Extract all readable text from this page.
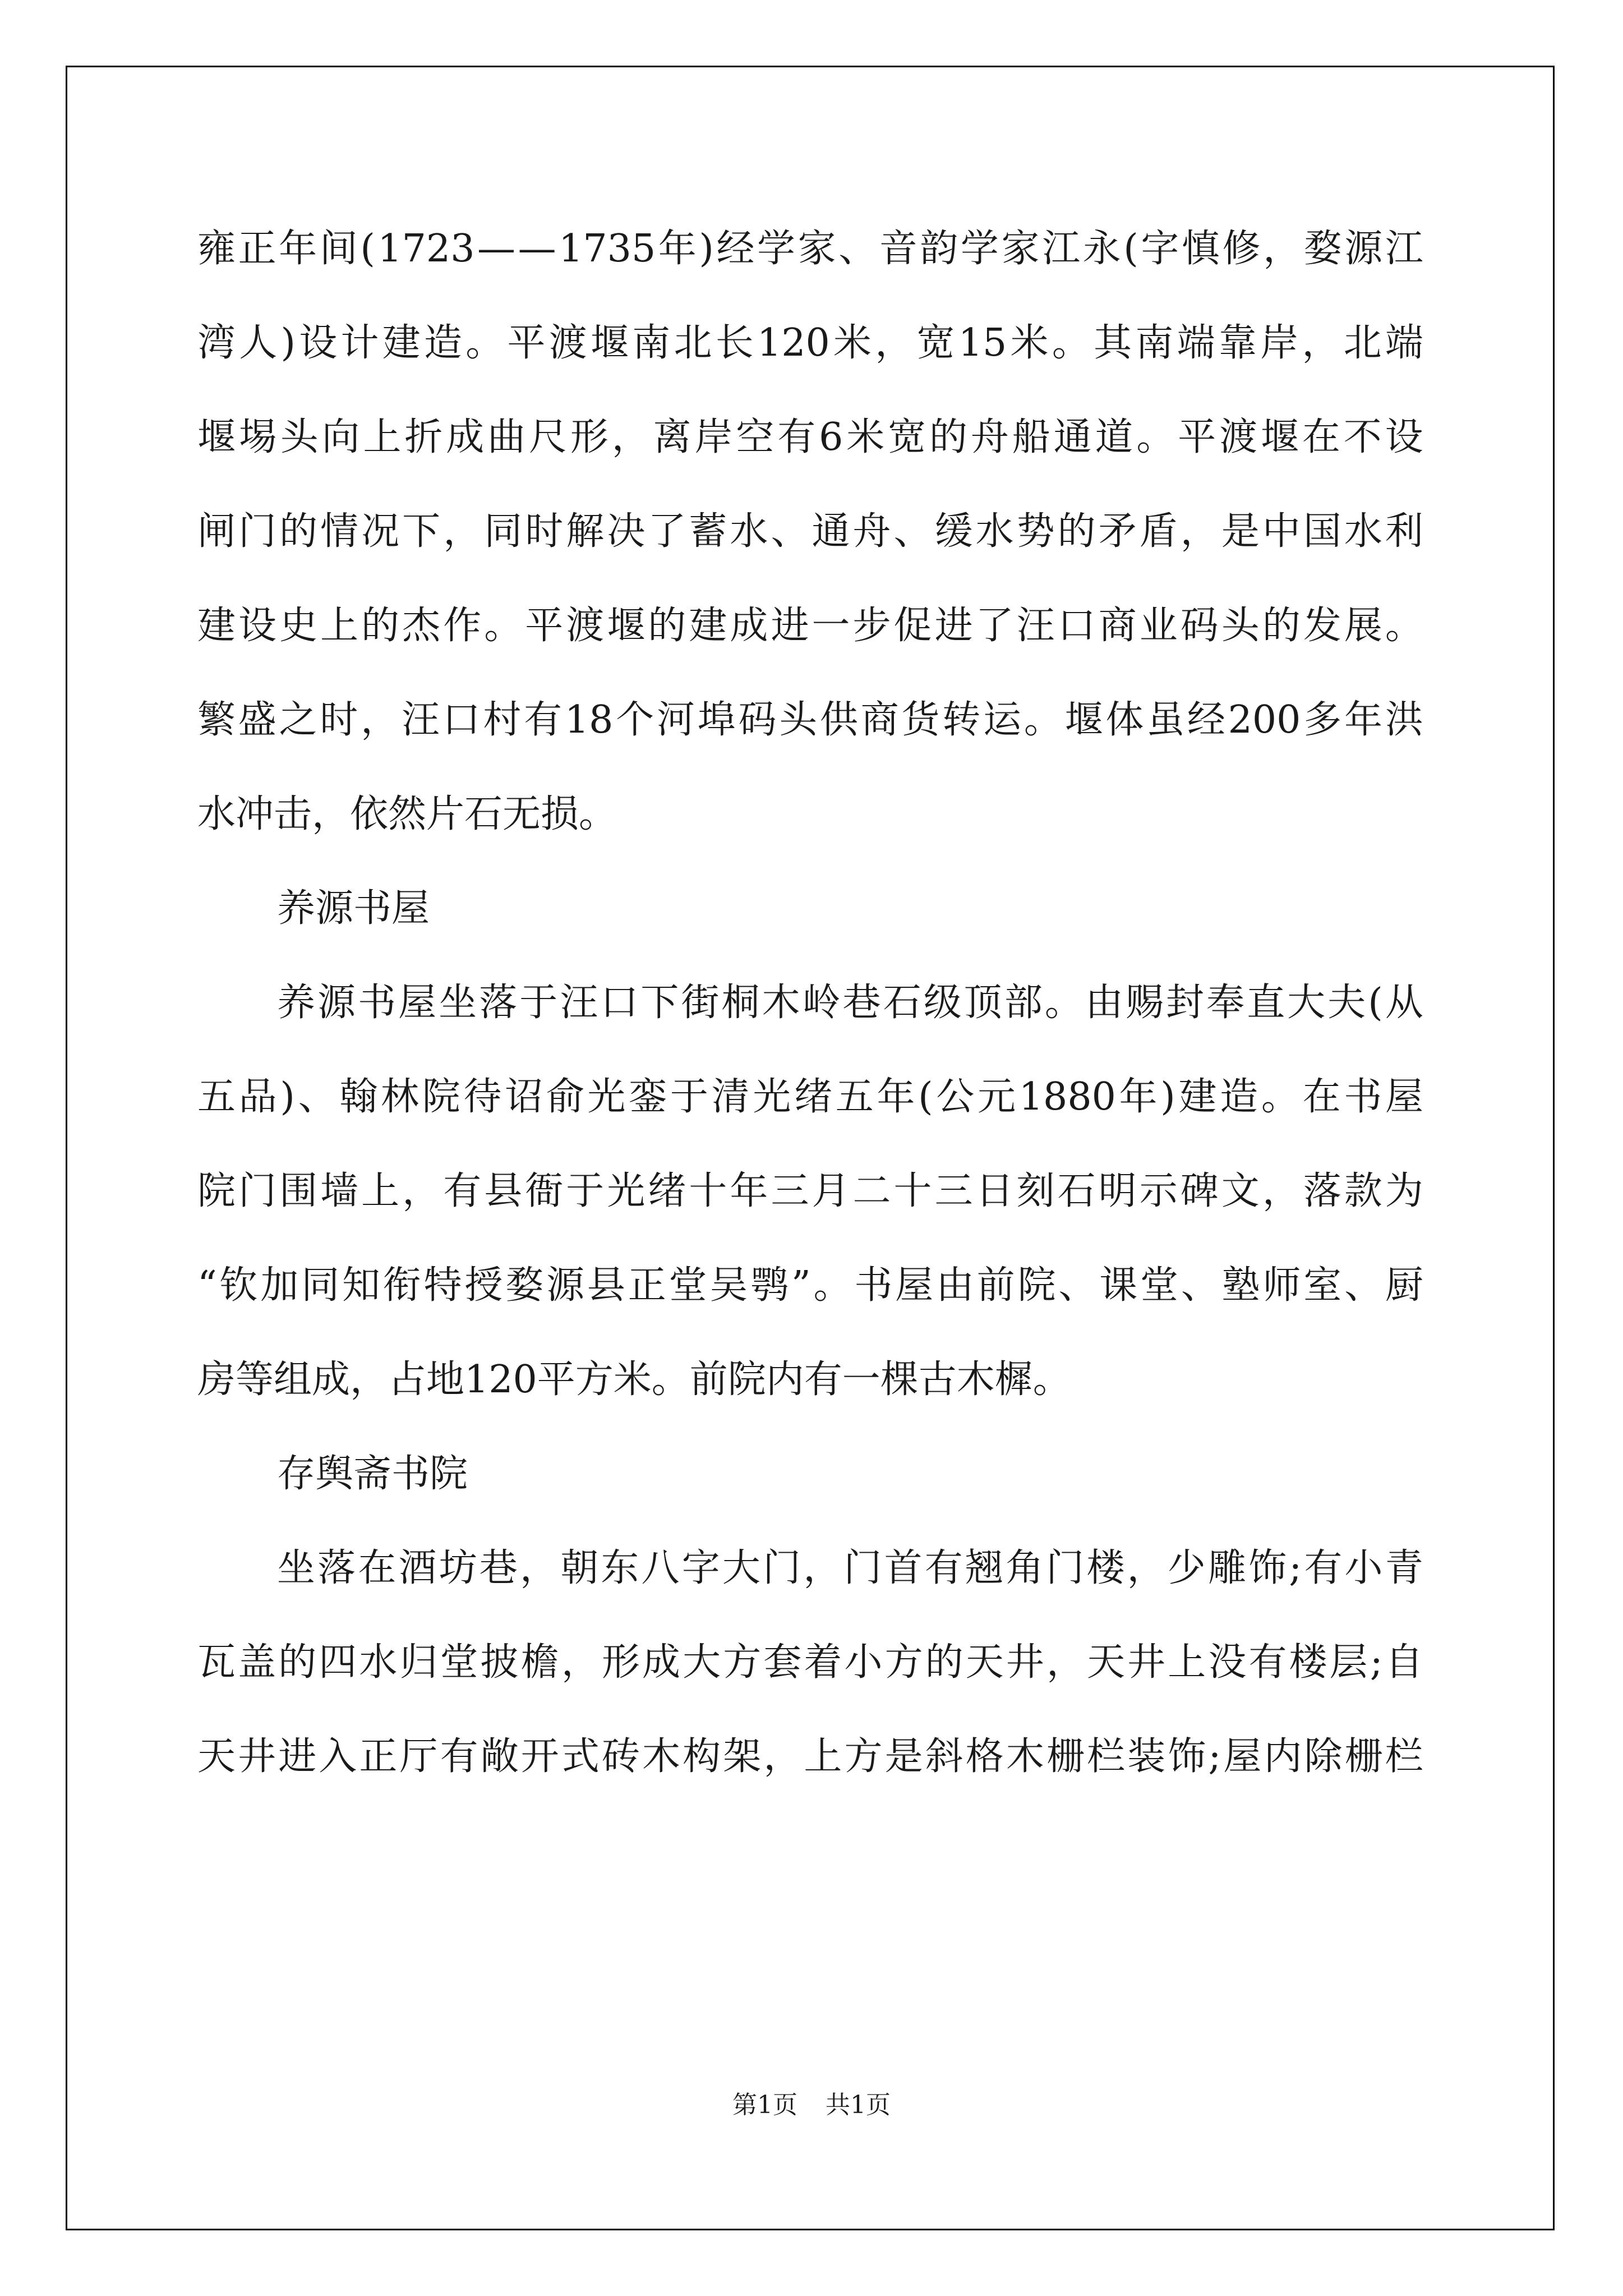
雍 正 年 间 ( 1723 — — 1735 年 ) 经 学 家 、 音 韵 学 家 江 永 ( 字 慎 修 ， 婺 源 江
湾 人 ) 设 计 建 造 。 平 渡 堰 南 北 长 120 米 ， 宽 15 米 。 其 南 端 靠 岸 ， 北 端
堰 埸 头 向 上 折 成 曲 尺 形 ， 离 岸 空 有 6 米 宽 的 舟 船 通 道 。 平 渡 堰 在 不 设
闸 门 的 情 况 下 ， 同 时 解 决 了 蓄 水 、 通 舟 、 缓 水 势 的 矛 盾 ， 是 中 国 水 利
建 设 史 上 的 杰 作 。 平 渡 堰 的 建 成 进 一 步 促 进 了 汪 口 商 业 码 头 的 发 展 。
繁 盛 之 时 ， 汪 口 村 有 18 个 河 埠 码 头 供 商 货 转 运 。 堰 体 虽 经 200 多 年 洪
水冲击，依然片石无损。
养源书屋
养 源 书 屋 坐 落 于 汪 口 下 街 桐 木 岭 巷 石 级 顶 部 。 由 赐 封 奉 直 大 夫 ( 从
五 品 ) 、 翰 林 院 待 诏 俞 光 銮 于 清 光 绪 五 年 ( 公 元 1880 年 ) 建 造 。 在 书 屋
院 门 围 墙 上 ， 有 县 衙 于 光 绪 十 年 三 月 二 十 三 日 刻 石 明 示 碑 文 ， 落 款 为
“ 钦 加 同 知 衔 特 授 婺 源 县 正 堂 吴 鹗 ” 。 书 屋 由 前 院 、 课 堂 、 塾 师 室 、 厨
房等组成，占地120平方米。前院内有一棵古木樨。
存舆斋书院
坐 落 在 酒 坊 巷 ， 朝 东 八 字 大 门 ， 门 首 有 翘 角 门 楼 ， 少 雕 饰 ; 有 小 青
瓦 盖 的 四 水 归 堂 披 檐 ， 形 成 大 方 套 着 小 方 的 天 井 ， 天 井 上 没 有 楼 层 ; 自
天 井 进 入 正 厅 有 敞 开 式 砖 木 构 架 ， 上 方 是 斜 格 木 栅 栏 装 饰 ; 屋 内 除 栅 栏
第1页 共1页
